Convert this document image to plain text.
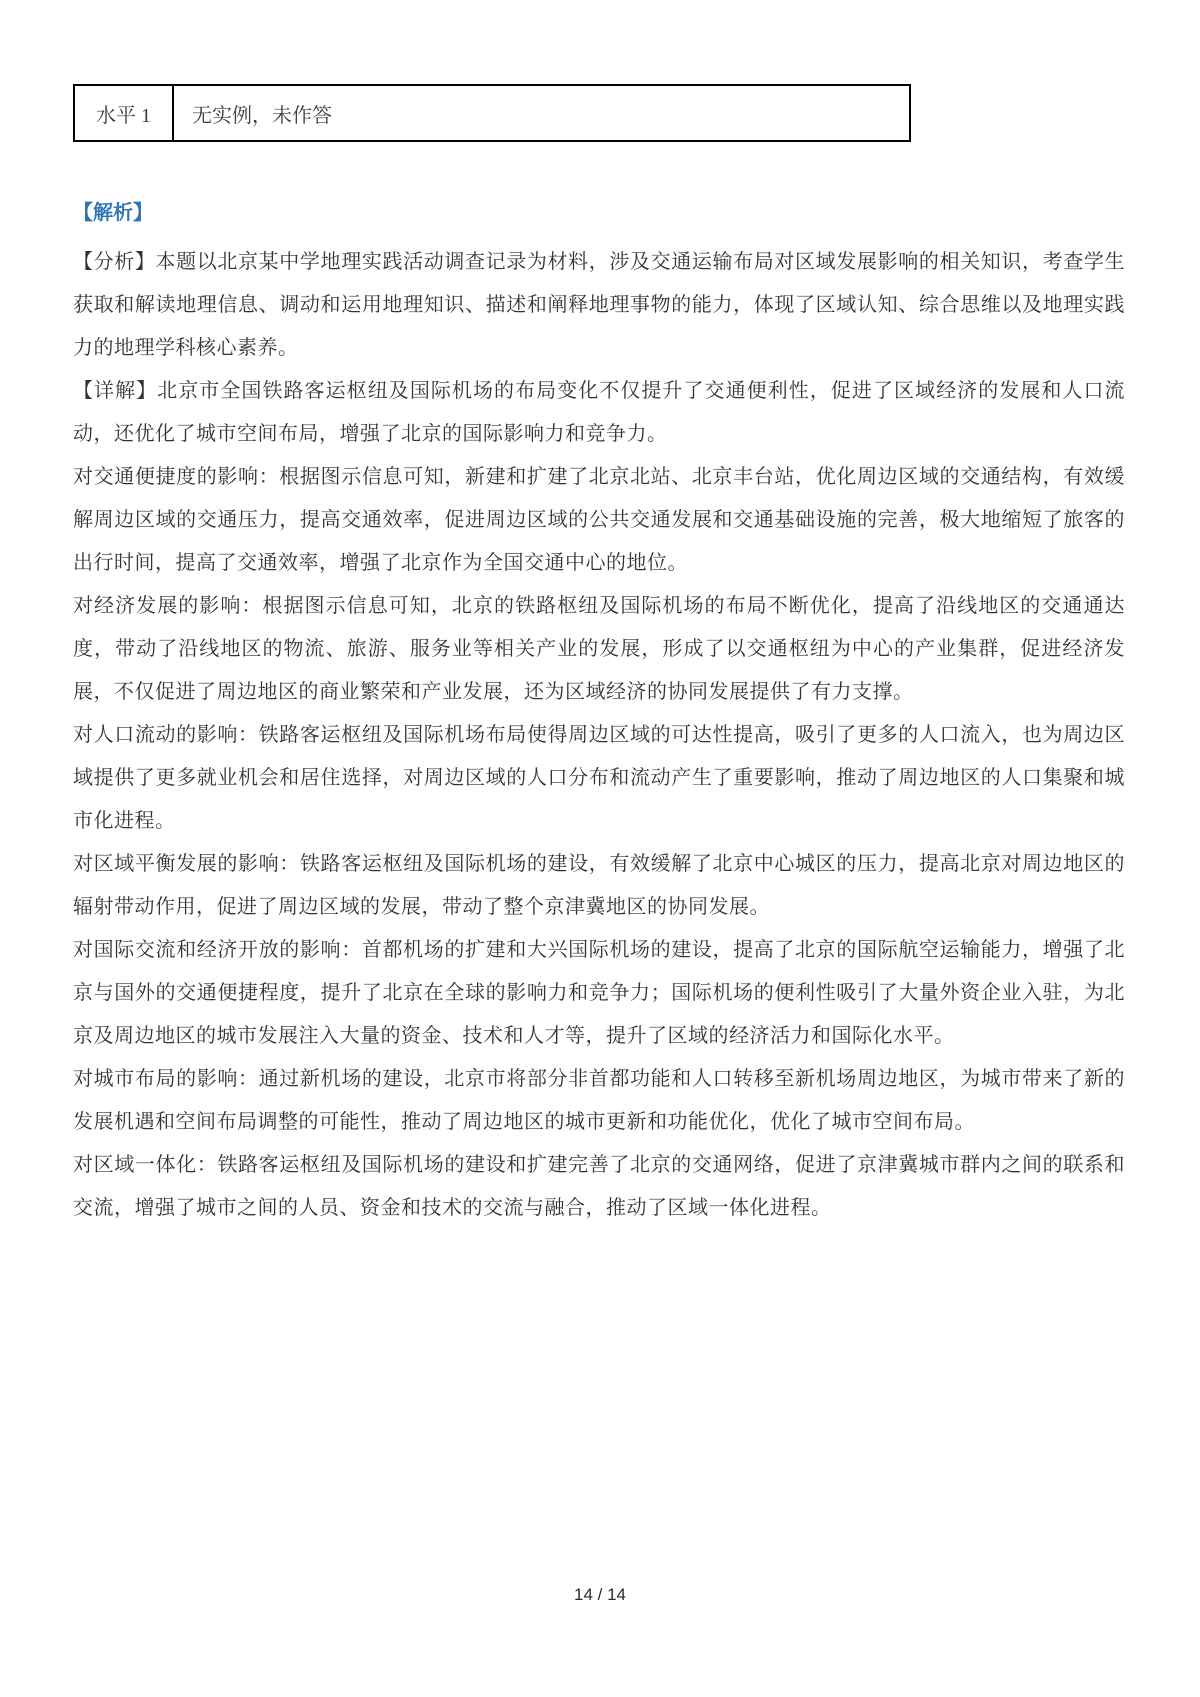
水平 1	无实例，未作答
【解析】

【分析】本题以北京某中学地理实践活动调查记录为材料，涉及交通运输布局对区域发展影响的相关知识，考查学生获取和解读地理信息、调动和运用地理知识、描述和阐释地理事物的能力，体现了区域认知、综合思维以及地理实践力的地理学科核心素养。

【详解】北京市全国铁路客运枢纽及国际机场的布局变化不仅提升了交通便利性，促进了区域经济的发展和人口流动，还优化了城市空间布局，增强了北京的国际影响力和竞争力。

对交通便捷度的影响：根据图示信息可知，新建和扩建了北京北站、北京丰台站，优化周边区域的交通结构，有效缓解周边区域的交通压力，提高交通效率，促进周边区域的公共交通发展和交通基础设施的完善，极大地缩短了旅客的出行时间，提高了交通效率，增强了北京作为全国交通中心的地位。

对经济发展的影响：根据图示信息可知，北京的铁路枢纽及国际机场的布局不断优化，提高了沿线地区的交通通达度，带动了沿线地区的物流、旅游、服务业等相关产业的发展，形成了以交通枢纽为中心的产业集群，促进经济发展，不仅促进了周边地区的商业繁荣和产业发展，还为区域经济的协同发展提供了有力支撑。

对人口流动的影响：铁路客运枢纽及国际机场布局使得周边区域的可达性提高，吸引了更多的人口流入，也为周边区域提供了更多就业机会和居住选择，对周边区域的人口分布和流动产生了重要影响，推动了周边地区的人口集聚和城市化进程。

对区域平衡发展的影响：铁路客运枢纽及国际机场的建设，有效缓解了北京中心城区的压力，提高北京对周边地区的辐射带动作用，促进了周边区域的发展，带动了整个京津冀地区的协同发展。

对国际交流和经济开放的影响：首都机场的扩建和大兴国际机场的建设，提高了北京的国际航空运输能力，增强了北京与国外的交通便捷程度，提升了北京在全球的影响力和竞争力；国际机场的便利性吸引了大量外资企业入驻，为北京及周边地区的城市发展注入大量的资金、技术和人才等，提升了区域的经济活力和国际化水平。

对城市布局的影响：通过新机场的建设，北京市将部分非首都功能和人口转移至新机场周边地区，为城市带来了新的发展机遇和空间布局调整的可能性，推动了周边地区的城市更新和功能优化，优化了城市空间布局。

对区域一体化：铁路客运枢纽及国际机场的建设和扩建完善了北京的交通网络，促进了京津冀城市群内之间的联系和交流，增强了城市之间的人员、资金和技术的交流与融合，推动了区域一体化进程。

14 / 14
